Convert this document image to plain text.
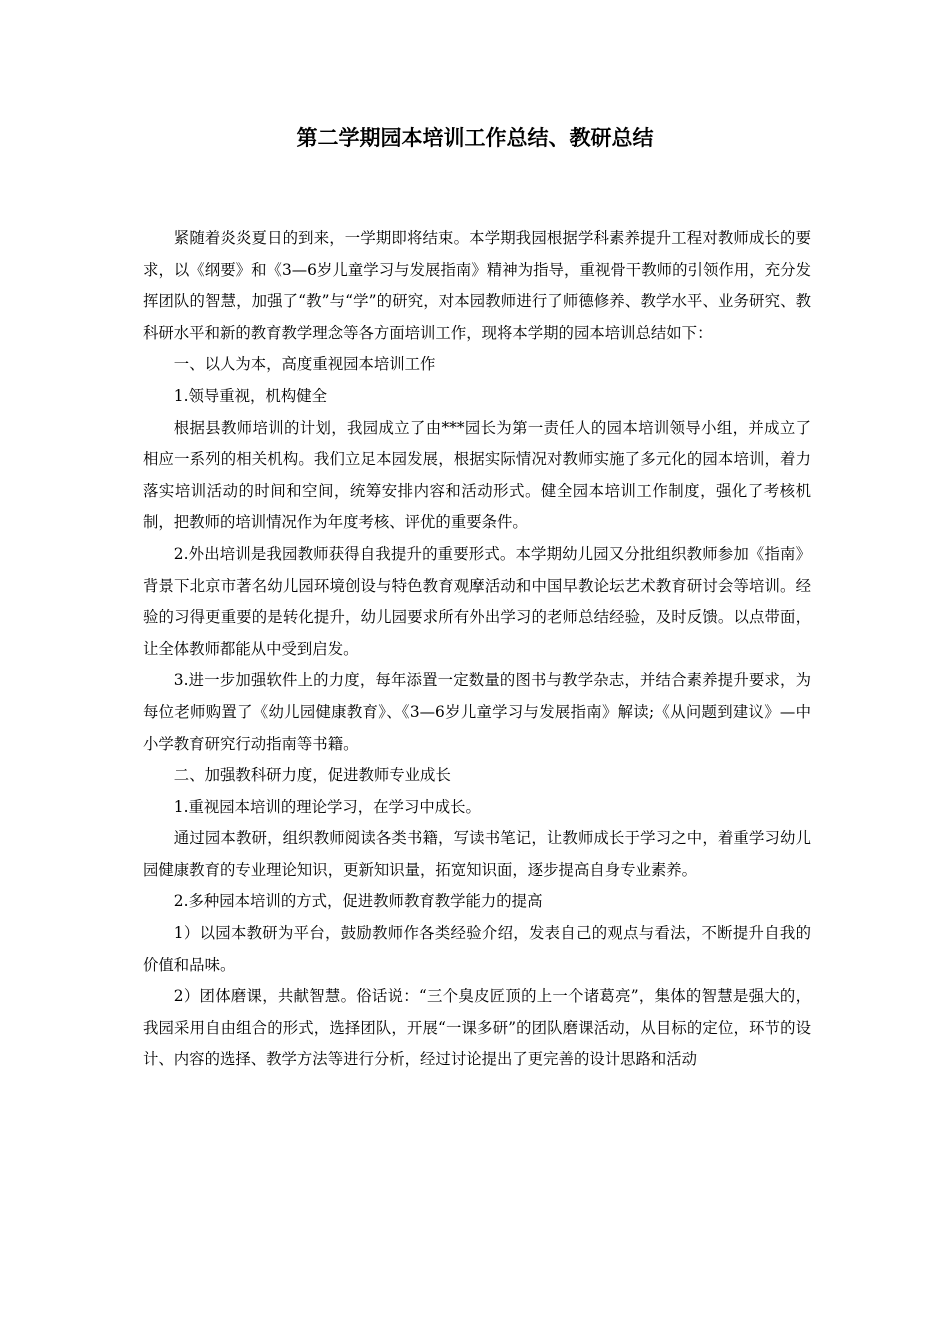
第二学期园本培训工作总结、教研总结

紧随着炎炎夏日的到来，一学期即将结束。本学期我园根据学科素养提升工程对教师成长的要求，以《纲要》和《3—6岁儿童学习与发展指南》精神为指导，重视骨干教师的引领作用，充分发挥团队的智慧，加强了“教”与“学”的研究，对本园教师进行了师德修养、教学水平、业务研究、教科研水平和新的教育教学理念等各方面培训工作，现将本学期的园本培训总结如下：

一、以人为本，高度重视园本培训工作

1.领导重视，机构健全

根据县教师培训的计划，我园成立了由***园长为第一责任人的园本培训领导小组，并成立了相应一系列的相关机构。我们立足本园发展，根据实际情况对教师实施了多元化的园本培训，着力落实培训活动的时间和空间，统筹安排内容和活动形式。健全园本培训工作制度，强化了考核机制，把教师的培训情况作为年度考核、评优的重要条件。

2.外出培训是我园教师获得自我提升的重要形式。本学期幼儿园又分批组织教师参加《指南》背景下北京市著名幼儿园环境创设与特色教育观摩活动和中国早教论坛艺术教育研讨会等培训。经验的习得更重要的是转化提升，幼儿园要求所有外出学习的老师总结经验，及时反馈。以点带面，让全体教师都能从中受到启发。

3.进一步加强软件上的力度，每年添置一定数量的图书与教学杂志，并结合素养提升要求，为每位老师购置了《幼儿园健康教育》、《3—6岁儿童学习与发展指南》解读;《从问题到建议》—中小学教育研究行动指南等书籍。

二、加强教科研力度，促进教师专业成长

1.重视园本培训的理论学习，在学习中成长。

通过园本教研，组织教师阅读各类书籍，写读书笔记，让教师成长于学习之中，着重学习幼儿园健康教育的专业理论知识，更新知识量，拓宽知识面，逐步提高自身专业素养。

2.多种园本培训的方式，促进教师教育教学能力的提高

1）以园本教研为平台，鼓励教师作各类经验介绍，发表自己的观点与看法，不断提升自我的价值和品味。

2）团体磨课，共献智慧。俗话说：“三个臭皮匠顶的上一个诸葛亮”，集体的智慧是强大的，我园采用自由组合的形式，选择团队，开展“一课多研”的团队磨课活动，从目标的定位，环节的设计、内容的选择、教学方法等进行分析，经过讨论提出了更完善的设计思路和活动
